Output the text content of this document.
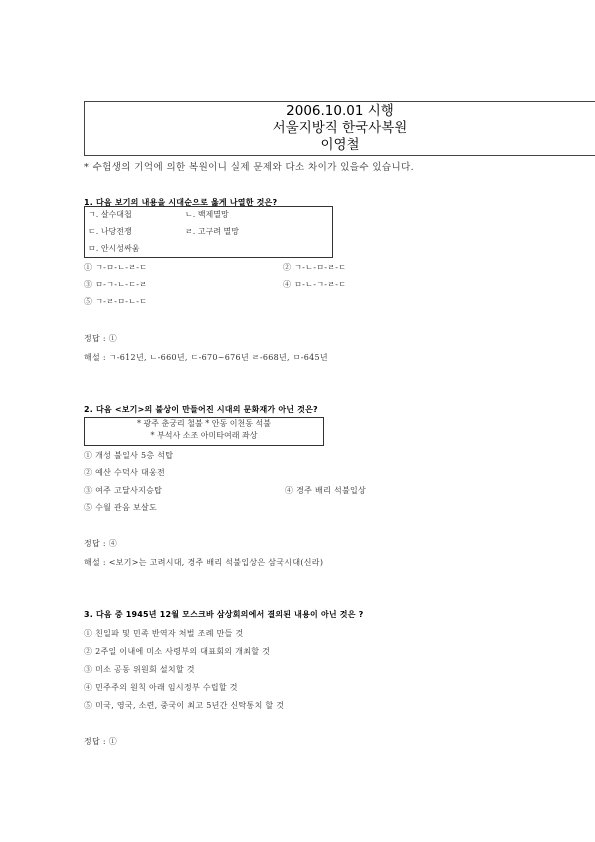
2006.10.01 시행
서울지방직 한국사복원
이영철
* 수험생의 기억에 의한 복원이니 실제 문제와 다소 차이가 있을수 있습니다.
1. 다음 보기의 내용을 시대순으로 옳게 나열한 것은?
ㄱ. 살수대첩	ㄴ. 백제멸망
ㄷ. 나당전쟁	ㄹ. 고구려 멸망
ㅁ. 안시성싸움
① ㄱ-ㅁ-ㄴ-ㄹ-ㄷ	② ㄱ-ㄴ-ㅁ-ㄹ-ㄷ
③ ㅁ-ㄱ-ㄴ-ㄷ-ㄹ	④ ㅁ-ㄴ-ㄱ-ㄹ-ㄷ
⑤ ㄱ-ㄹ-ㅁ-ㄴ-ㄷ
정답 : ①
해설 : ㄱ-612년, ㄴ-660년, ㄷ-670~676년 ㄹ-668년, ㅁ-645년
2. 다음 <보기>의 불상이 만들어진 시대의 문화재가 아닌 것은?
* 광주 춘궁리 철불 * 안동 이천동 석불
* 부석사 소조 아미타여래 좌상
① 개성 불일사 5층 석탑
② 예산 수덕사 대웅전
③ 여주 고달사지승탑	④ 경주 배리 석불입상
⑤ 수월 관음 보살도
정답 : ④
해설 : <보기>는 고려시대, 경주 배리 석불입상은 삼국시대(신라)
3. 다음 중 1945년 12월 모스크바 삼상회의에서 결의된 내용이 아닌 것은 ?
① 친일파 및 민족 반역자 처벌 조례 만들 것
② 2주일 이내에 미소 사령부의 대표회의 개최할 것
③ 미소 공동 위원회 설치할 것
④ 민주주의 원칙 아래 임시정부 수립할 것
⑤ 미국, 영국, 소련, 중국이 최고 5년간 신탁통치 할 것
정답 : ①
